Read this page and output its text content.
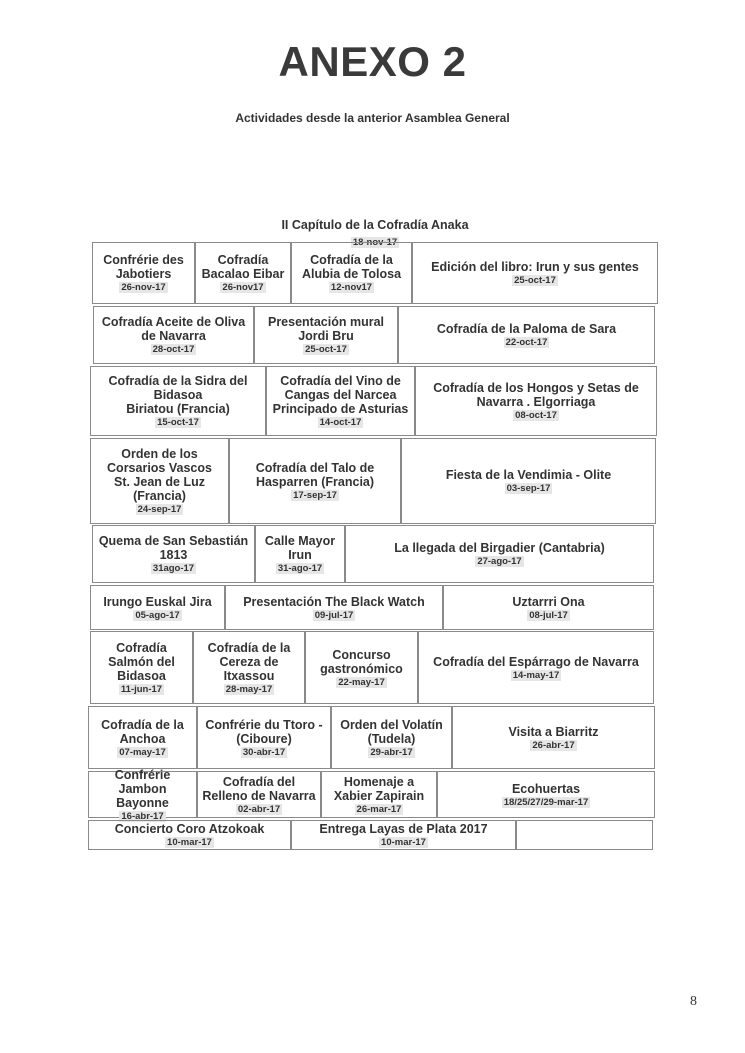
ANEXO 2
Actividades desde la anterior Asamblea General
II Capítulo de la Cofradía Anaka
18-nov-17
Confrérie des
Jabotiers
26-nov-17
Cofradía
Bacalao Eibar
26-nov17
Cofradía de la
Alubia de Tolosa
12-nov17
Edición del libro: Irun y sus gentes
25-oct-17
Cofradía Aceite de Oliva
de Navarra
28-oct-17
Presentación mural
Jordi Bru
25-oct-17
Cofradía de la Paloma de Sara
22-oct-17
Cofradía de la Sidra del
Bidasoa
Biriatou (Francia)
15-oct-17
Cofradía del Vino de
Cangas del Narcea
Principado de Asturias
14-oct-17
Cofradía de los Hongos y Setas de
Navarra . Elgorriaga
08-oct-17
Orden de los
Corsarios Vascos
St. Jean de Luz
(Francia)
24-sep-17
Cofradía del Talo de
Hasparren (Francia)
17-sep-17
Fiesta de la Vendimia - Olite
03-sep-17
Quema de San Sebastián
1813
31ago-17
Calle Mayor
Irun
31-ago-17
La llegada del Birgadier (Cantabria)
27-ago-17
Irungo Euskal Jira
05-ago-17
Presentación The Black Watch
09-jul-17
Uztarrri Ona
08-jul-17
Cofradía
Salmón del
Bidasoa
11-jun-17
Cofradía de la
Cereza de
Itxassou
28-may-17
Concurso
gastronómico
22-may-17
Cofradía del Espárrago de Navarra
14-may-17
Cofradía de la
Anchoa
07-may-17
Confrérie du Ttoro -
(Ciboure)
30-abr-17
Orden del Volatín
(Tudela)
29-abr-17
Visita a Biarritz
26-abr-17
Confrérie Jambon
Bayonne
16-abr-17
Cofradía del
Relleno de Navarra
02-abr-17
Homenaje a
Xabier Zapirain
26-mar-17
Ecohuertas
18/25/27/29-mar-17
Concierto Coro Atzokoak
10-mar-17
Entrega Layas de Plata 2017
10-mar-17
8
